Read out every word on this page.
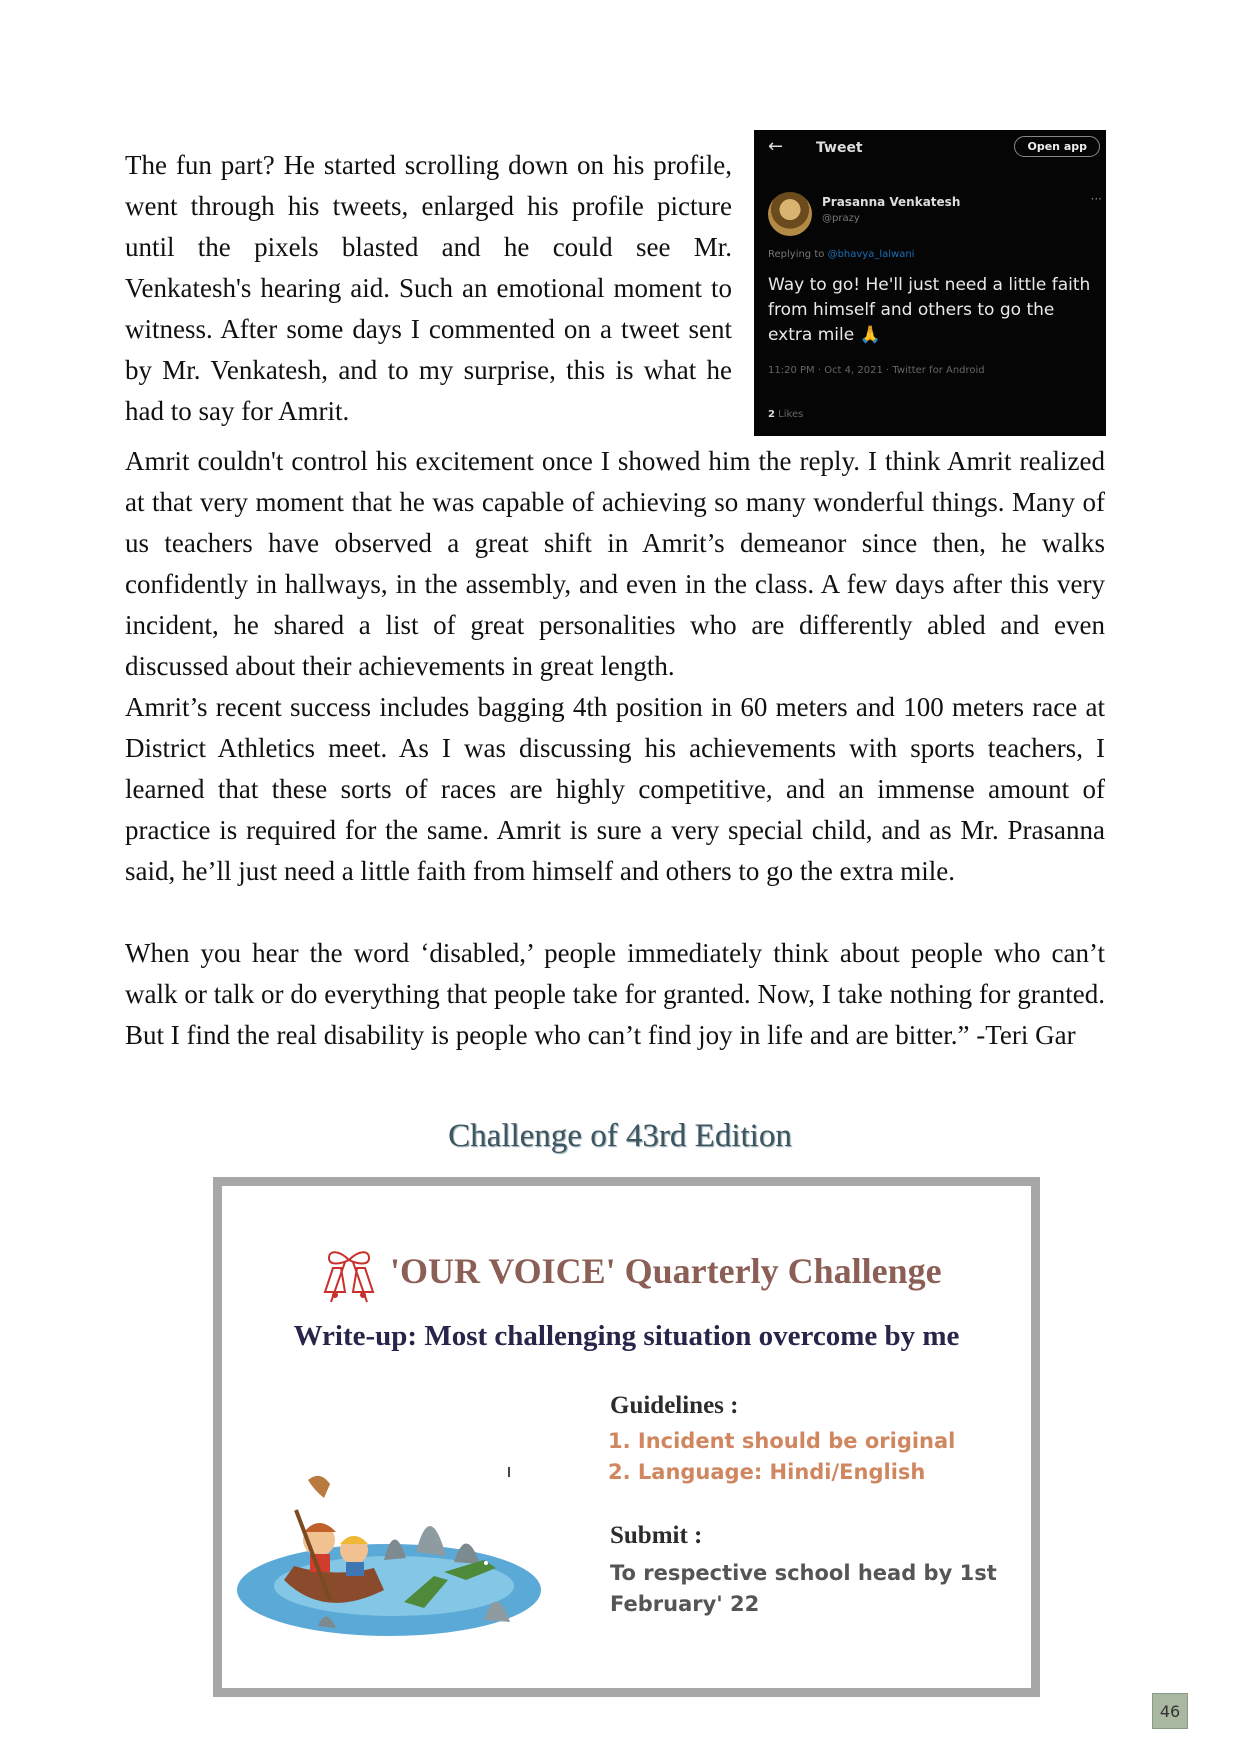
The fun part? He started scrolling down on his profile, went through his tweets, enlarged his profile picture until the pixels blasted and he could see Mr. Venkatesh's hearing aid. Such an emotional moment to witness. After some days I commented on a tweet sent by Mr. Venkatesh, and to my surprise, this is what he had to say for Amrit.

← Tweet	Open app
Prasanna Venkatesh
@prazy
···
Replying to @bhavya_lalwani
Way to go! He'll just need a little faith from himself and others to go the extra mile 🙏
11:20 PM · Oct 4, 2021 · Twitter for Android
2 Likes

Amrit couldn't control his excitement once I showed him the reply. I think Amrit realized at that very moment that he was capable of achieving so many wonderful things. Many of us teachers have observed a great shift in Amrit’s demeanor since then, he walks confidently in hallways, in the assembly, and even in the class. A few days after this very incident, he shared a list of great personalities who are differently abled and even discussed about their achievements in great length.

Amrit’s recent success includes bagging 4th position in 60 meters and 100 meters race at District Athletics meet. As I was discussing his achievements with sports teachers, I learned that these sorts of races are highly competitive, and an immense amount of practice is required for the same. Amrit is sure a very special child, and as Mr. Prasanna said, he’ll just need a little faith from himself and others to go the extra mile.

When you hear the word ‘disabled,’ people immediately think about people who can’t walk or talk or do everything that people take for granted. Now, I take nothing for granted. But I find the real disability is people who can’t find joy in life and are bitter.” -Teri Gar

Challenge of 43rd Edition
'OUR VOICE' Quarterly Challenge
Write-up: Most challenging situation overcome by me
Guidelines :
1. Incident should be original
2. Language: Hindi/English
Submit :
To respective school head by 1st February' 22
46
